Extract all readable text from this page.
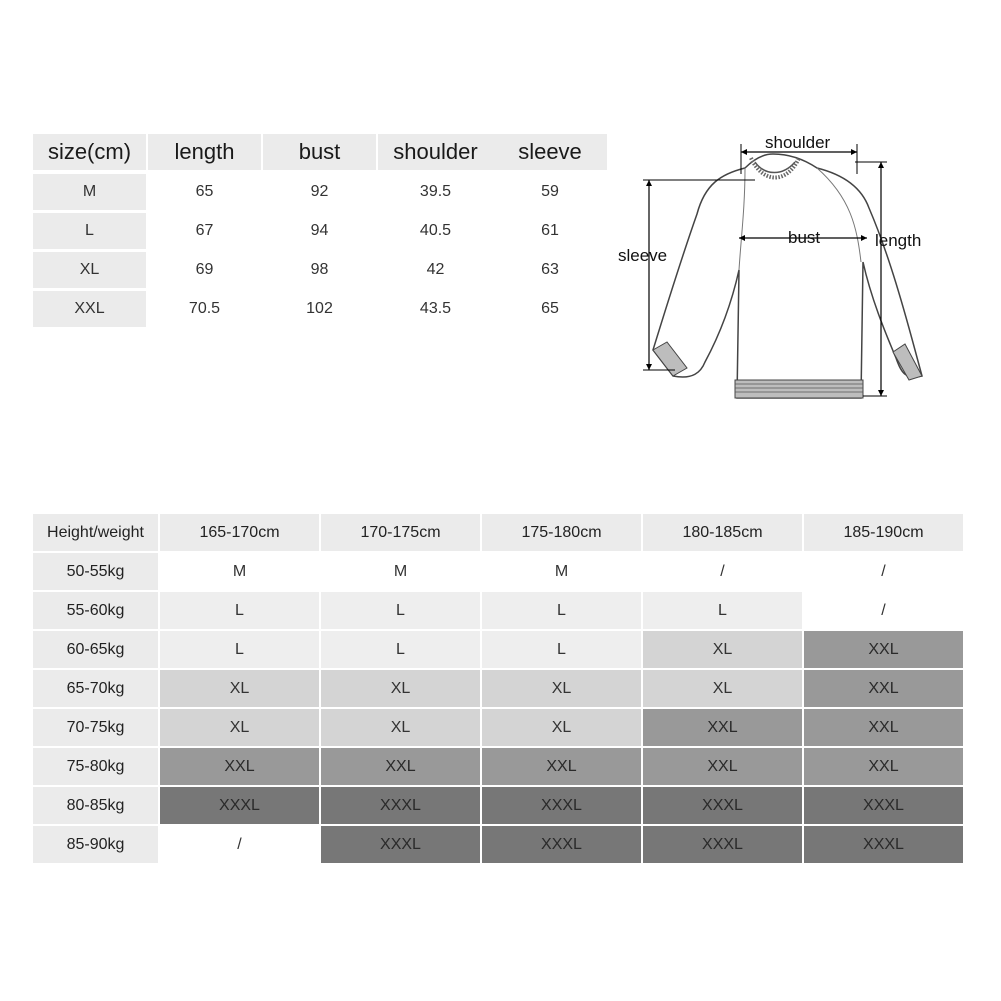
size(cm)	length	bust	shoulder	sleeve
M	65	92	39.5	59
L	67	94	40.5	61
XL	69	98	42	63
XXL	70.5	102	43.5	65
shoulder
bust
sleeve
length
Height/weight	165-170cm	170-175cm	175-180cm	180-185cm	185-190cm
50-55kg	M	M	M	/	/
55-60kg	L	L	L	L	/
60-65kg	L	L	L	XL	XXL
65-70kg	XL	XL	XL	XL	XXL
70-75kg	XL	XL	XL	XXL	XXL
75-80kg	XXL	XXL	XXL	XXL	XXL
80-85kg	XXXL	XXXL	XXXL	XXXL	XXXL
85-90kg	/	XXXL	XXXL	XXXL	XXXL
